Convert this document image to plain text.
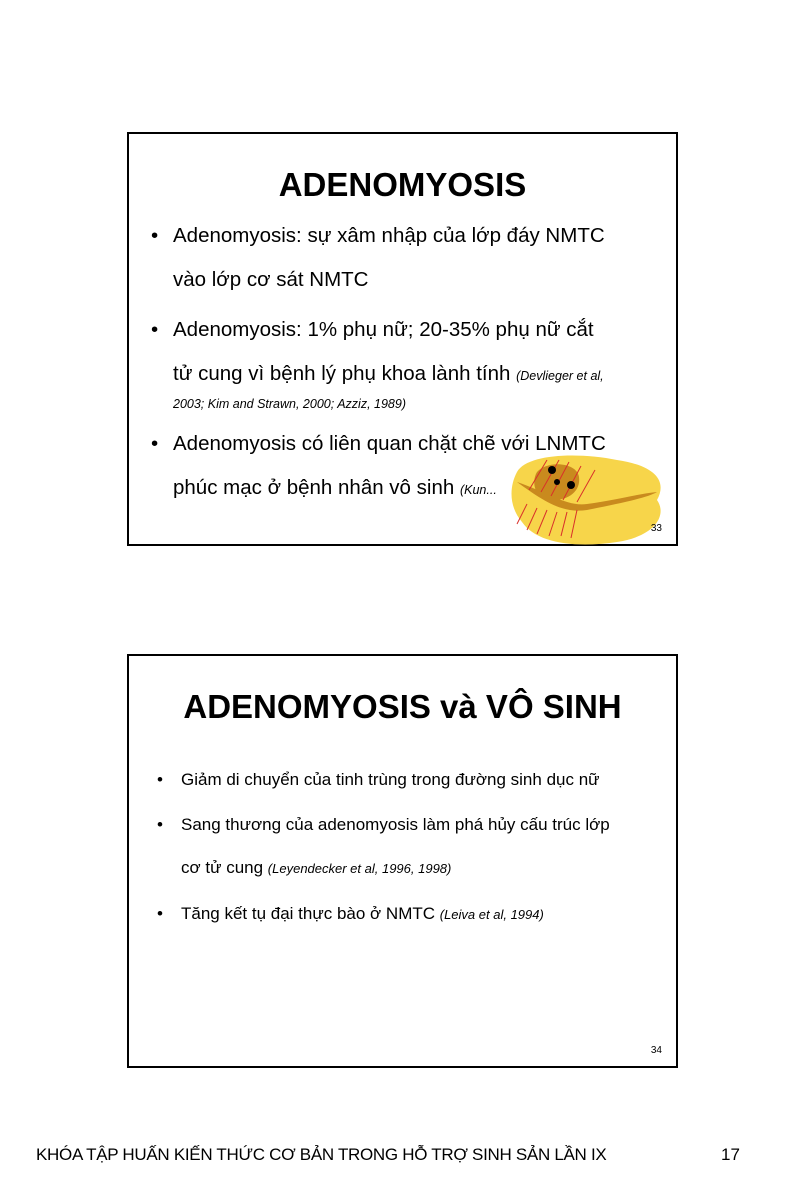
ADENOMYOSIS
• Adenomyosis: sự xâm nhập của lớp đáy NMTC
vào lớp cơ sát NMTC
• Adenomyosis: 1% phụ nữ; 20-35% phụ nữ cắt
tử cung vì bệnh lý phụ khoa lành tính (Devlieger et al,
2003; Kim and Strawn, 2000; Azziz, 1989)
• Adenomyosis có liên quan chặt chẽ với LNMTC
phúc mạc ở bệnh nhân vô sinh (Kun...
33
ADENOMYOSIS và VÔ SINH
• Giảm di chuyển của tinh trùng trong đường sinh dục nữ
• Sang thương của adenomyosis làm phá hủy cấu trúc lớp
cơ tử cung (Leyendecker et al, 1996, 1998)
• Tăng kết tụ đại thực bào ở NMTC (Leiva et al, 1994)
34
KHÓA TẬP HUẤN KIẾN THỨC CƠ BẢN TRONG HỖ TRỢ SINH SẢN LẦN IX	17
